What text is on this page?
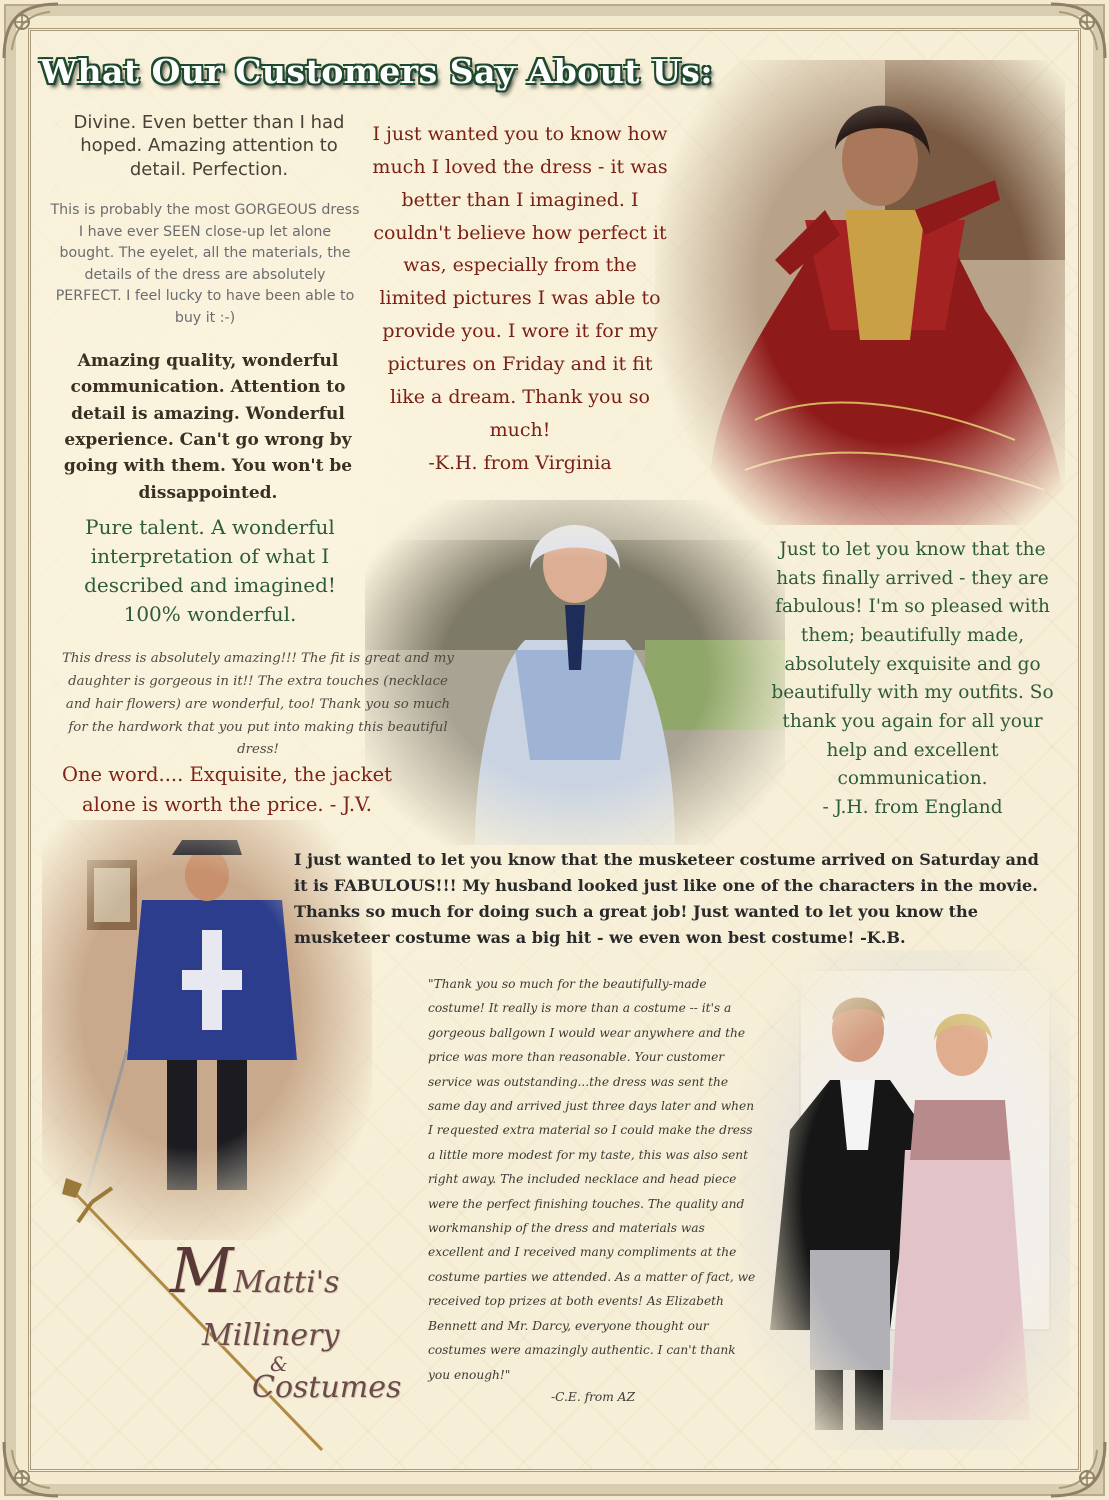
MMatti's
Millinery
&
Costumes
What Our Customers Say About Us:

Divine. Even better than I had hoped. Amazing attention to detail. Perfection.

This is probably the most GORGEOUS dress I have ever SEEN close-up let alone bought. The eyelet, all the materials, the details of the dress are absolutely PERFECT. I feel lucky to have been able to buy it :-)

Amazing quality, wonderful communication. Attention to detail is amazing. Wonderful experience. Can't go wrong by going with them. You won't be dissappointed.

I just wanted you to know how much I loved the dress - it was better than I imagined. I couldn't believe how perfect it was, especially from the limited pictures I was able to provide you. I wore it for my pictures on Friday and it fit like a dream. Thank you so much!
-K.H. from Virginia

Pure talent. A wonderful interpretation of what I described and imagined! 100% wonderful.

This dress is absolutely amazing!!! The fit is great and my daughter is gorgeous in it!! The extra touches (necklace and hair flowers) are wonderful, too! Thank you so much for the hardwork that you put into making this beautiful dress!

One word.... Exquisite, the jacket alone is worth the price. - J.V.

Just to let you know that the hats finally arrived - they are fabulous! I'm so pleased with them; beautifully made, absolutely exquisite and go beautifully with my outfits. So thank you again for all your help and excellent communication.
- J.H. from England

I just wanted to let you know that the musketeer costume arrived on Saturday and it is FABULOUS!!! My husband looked just like one of the characters in the movie. Thanks so much for doing such a great job! Just wanted to let you know the musketeer costume was a big hit - we even won best costume! -K.B.

"Thank you so much for the beautifully-made costume! It really is more than a costume -- it's a gorgeous ballgown I would wear anywhere and the price was more than reasonable. Your customer service was outstanding...the dress was sent the same day and arrived just three days later and when I requested extra material so I could make the dress a little more modest for my taste, this was also sent right away. The included necklace and head piece were the perfect finishing touches. The quality and workmanship of the dress and materials was excellent and I received many compliments at the costume parties we attended. As a matter of fact, we received top prizes at both events! As Elizabeth Bennett and Mr. Darcy, everyone thought our costumes were amazingly authentic. I can't thank you enough!"
-C.E. from AZ
